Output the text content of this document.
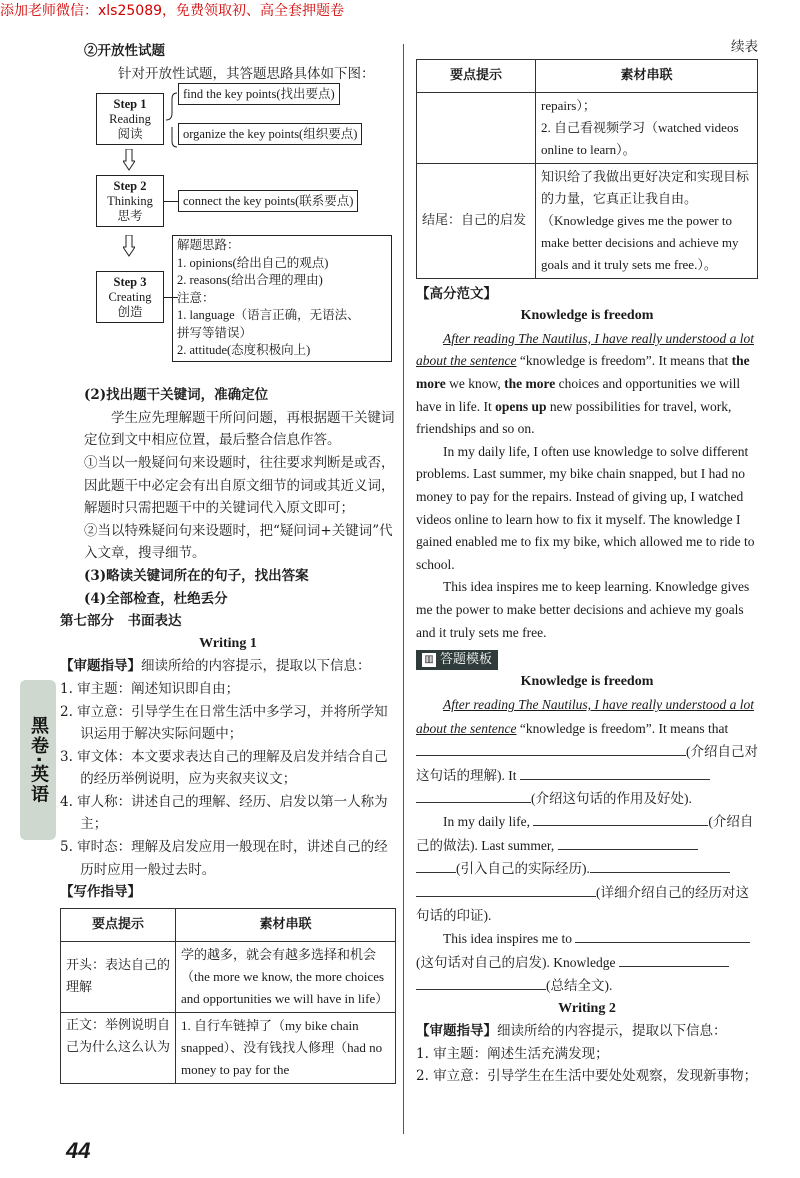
添加老师微信：xls25089，免费领取初、高全套押题卷
黑卷·英语

②开放性试题

针对开放性试题，其答题思路具体如下图：

Step 1
Reading
阅读
find the key points(找出要点)
organize the key points(组织要点)
Step 2
Thinking
思考
connect the key points(联系要点)
Step 3
Creating
创造

解题思路：

1. opinions(给出自己的观点)

2. reasons(给出合理的理由)

注意：

1. language（语言正确，无语法、

拼写等错误）

2. attitude(态度积极向上)

(2)找出题干关键词，准确定位

学生应先理解题干所问问题，再根据题干关键词定位到文中相应位置，最后整合信息作答。

①当以一般疑问句来设题时，往往要求判断是或否，因此题干中必定会有出自原文细节的词或其近义词，解题时只需把题干中的关键词代入原文即可；

②当以特殊疑问句来设题时，把“疑问词+关键词”代入文章，搜寻细节。

(3)略读关键词所在的句子，找出答案

(4)全部检查，杜绝丢分

第七部分　书面表达

Writing 1

【审题指导】细读所给的内容提示，提取以下信息：

1. 审主题：阐述知识即自由；

2. 审立意：引导学生在日常生活中多学习，并将所学知识运用于解决实际问题中；

3. 审文体：本文要求表达自己的理解及启发并结合自己的经历举例说明，应为夹叙夹议文；

4. 审人称：讲述自己的理解、经历、启发以第一人称为主；

5. 审时态：理解及启发应用一般现在时，讲述自己的经历时应用一般过去时。

【写作指导】

要点提示	素材串联
开头：表达自己的理解	学的越多，就会有越多选择和机会（the more we know, the more choices and opportunities we will have in life）
正文：举例说明自己为什么这么认为	1. 自行车链掉了（my bike chain snapped）、没有钱找人修理（had no money to pay for the

续表

要点提示	素材串联

	repairs）；
2. 自己看视频学习（watched videos online to learn）。

结尾：自己的启发	知识给了我做出更好决定和实现目标的力量，它真正让我自由。（Knowledge gives me the power to make better decisions and achieve my goals and it truly sets me free.）。

【高分范文】

Knowledge is freedom

After reading The Nautilus, I have really understood a lot about the sentence “knowledge is freedom”. It means that the more we know, the more choices and opportunities we will have in life. It opens up new possibilities for travel, work, friendships and so on.

In my daily life, I often use knowledge to solve different problems. Last summer, my bike chain snapped, but I had no money to pay for the repairs. Instead of giving up, I watched videos online to learn how to fix it myself. The knowledge I gained enabled me to fix my bike, which allowed me to ride to school.

This idea inspires me to keep learning. Knowledge gives me the power to make better decisions and achieve my goals and it truly sets me free.

▥ 答题模板

Knowledge is freedom

After reading The Nautilus, I have really understood a lot about the sentence “knowledge is freedom”. It means that (介绍自己对这句话的理解). It
(介绍这句话的作用及好处).

In my daily life,	(介绍自己的做法). Last summer,
(引入自己的实际经历).
(详细介绍自己的经历对这句话的印证).

This idea inspires me to
(这句话对自己的启发). Knowledge
(总结全文).

Writing 2

【审题指导】细读所给的内容提示，提取以下信息：

1. 审主题：阐述生活充满发现；

2. 审立意：引导学生在生活中要处处观察，发现新事物；

44
